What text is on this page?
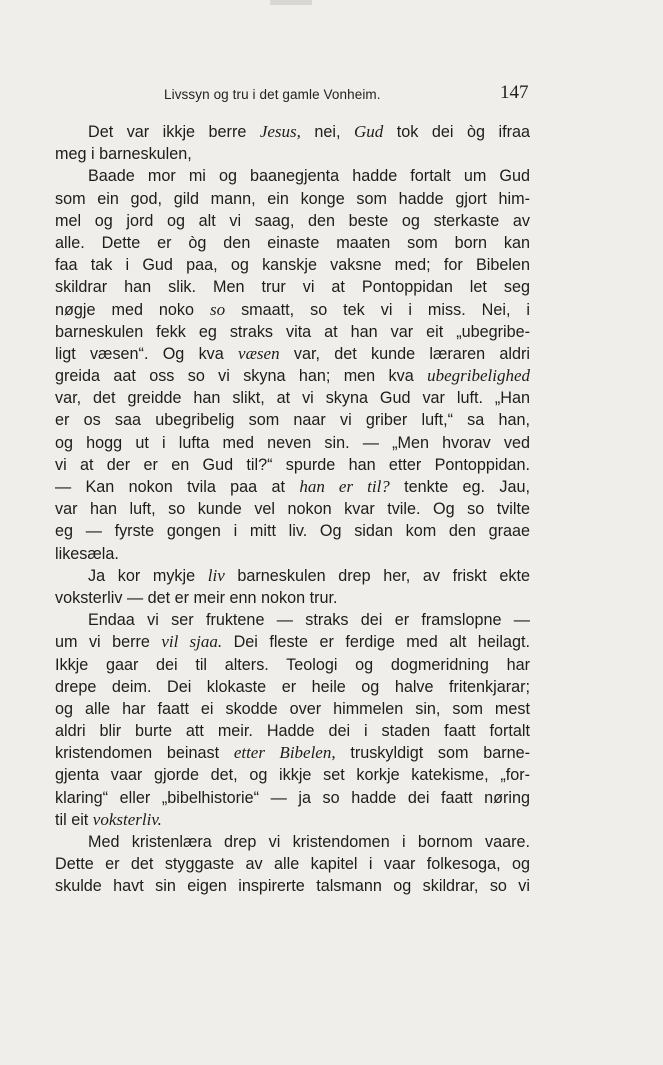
Livssyn og tru i det gamle Vonheim.	147
Det var ikkje berre Jesus, nei, Gud tok dei òg ifraa
meg i barneskulen,
Baade mor mi og baanegjenta hadde fortalt um Gud
som ein god, gild mann, ein konge som hadde gjort him-
mel og jord og alt vi saag, den beste og sterkaste av
alle. Dette er òg den einaste maaten som born kan
faa tak i Gud paa, og kanskje vaksne med; for Bibelen
skildrar han slik. Men trur vi at Pontoppidan let seg
nøgje med noko so smaatt, so tek vi i miss. Nei, i
barneskulen fekk eg straks vita at han var eit „ubegribe-
ligt væsen“. Og kva væsen var, det kunde læraren aldri
greida aat oss so vi skyna han; men kva ubegribelighed
var, det greidde han slikt, at vi skyna Gud var luft. „Han
er os saa ubegribelig som naar vi griber luft,“ sa han,
og hogg ut i lufta med neven sin. — „Men hvorav ved
vi at der er en Gud til?“ spurde han etter Pontoppidan.
— Kan nokon tvila paa at han er til? tenkte eg. Jau,
var han luft, so kunde vel nokon kvar tvile. Og so tvilte
eg — fyrste gongen i mitt liv. Og sidan kom den graae
likesæla.
Ja kor mykje liv barneskulen drep her, av friskt ekte
voksterliv — det er meir enn nokon trur.
Endaa vi ser fruktene — straks dei er framslopne —
um vi berre vil sjaa. Dei fleste er ferdige med alt heilagt.
Ikkje gaar dei til alters. Teologi og dogmeridning har
drepe deim. Dei klokaste er heile og halve fritenkjarar;
og alle har faatt ei skodde over himmelen sin, som mest
aldri blir burte att meir. Hadde dei i staden faatt fortalt
kristendomen beinast etter Bibelen, truskyldigt som barne-
gjenta vaar gjorde det, og ikkje set korkje katekisme, „for-
klaring“ eller „bibelhistorie“ — ja so hadde dei faatt nøring
til eit voksterliv.
Med kristenlæra drep vi kristendomen i bornom vaare.
Dette er det styggaste av alle kapitel i vaar folkesoga, og
skulde havt sin eigen inspirerte talsmann og skildrar, so vi
